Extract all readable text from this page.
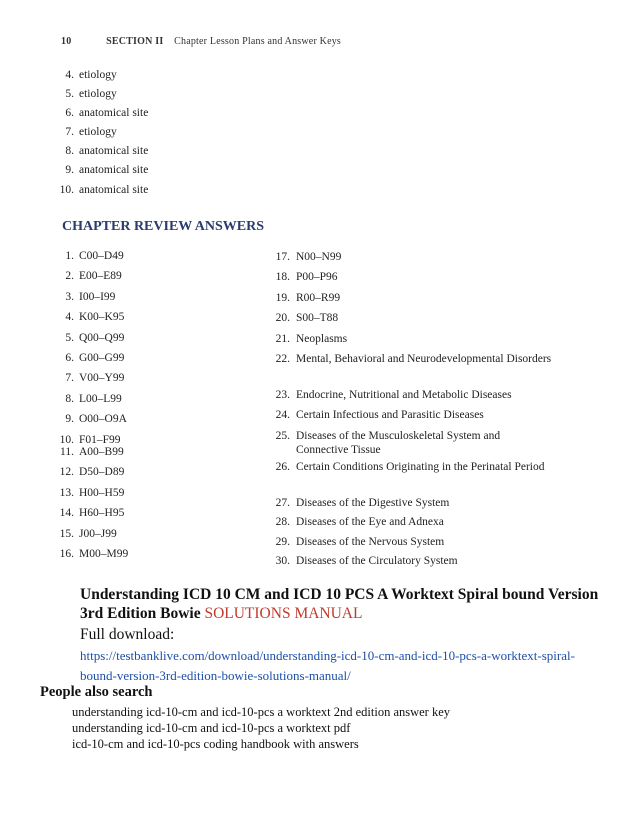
10	SECTION II Chapter Lesson Plans and Answer Keys
4. etiology
5. etiology
6. anatomical site
7. etiology
8. anatomical site
9. anatomical site
10. anatomical site
CHAPTER REVIEW ANSWERS
1. C00–D49
2. E00–E89
3. I00–I99
4. K00–K95
5. Q00–Q99
6. G00–G99
7. V00–Y99
8. L00–L99
9. O00–O9A
10. F01–F99
11. A00–B99
12. D50–D89
13. H00–H59
14. H60–H95
15. J00–J99
16. M00–M99
17. N00–N99
18. P00–P96
19. R00–R99
20. S00–T88
21. Neoplasms
22. Mental, Behavioral and Neurodevelopmental Disorders
23. Endocrine, Nutritional and Metabolic Diseases
24. Certain Infectious and Parasitic Diseases
25. Diseases of the Musculoskeletal System and Connective Tissue
26. Certain Conditions Originating in the Perinatal Period
27. Diseases of the Digestive System
28. Diseases of the Eye and Adnexa
29. Diseases of the Nervous System
30. Diseases of the Circulatory System
Understanding ICD 10 CM and ICD 10 PCS A Worktext Spiral bound Version 3rd Edition Bowie SOLUTIONS MANUAL
Full download:
https://testbanklive.com/download/understanding-icd-10-cm-and-icd-10-pcs-a-worktext-spiral-bound-version-3rd-edition-bowie-solutions-manual/
People also search
understanding icd-10-cm and icd-10-pcs a worktext 2nd edition answer key
understanding icd-10-cm and icd-10-pcs a worktext pdf
icd-10-cm and icd-10-pcs coding handbook with answers
